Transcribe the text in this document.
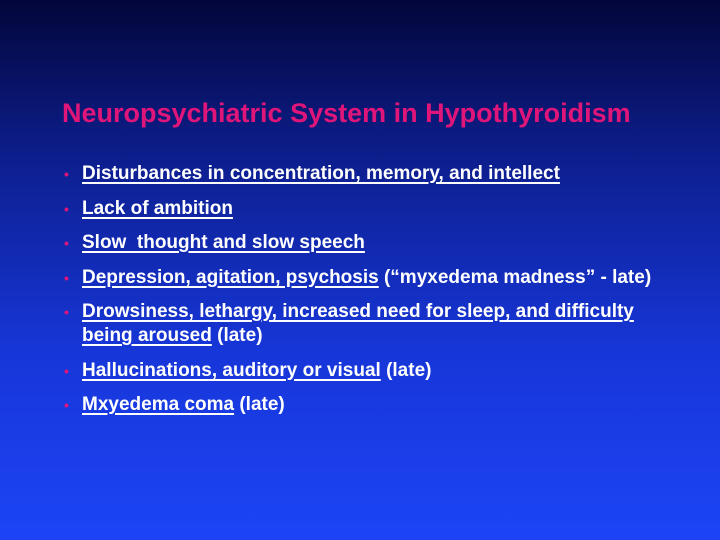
Neuropsychiatric System in Hypothyroidism
• Disturbances in concentration, memory, and intellect
• Lack of ambition
• Slow  thought and slow speech
• Depression, agitation, psychosis (“myxedema madness” - late)
• Drowsiness, lethargy, increased need for sleep, and difficulty being aroused (late)
• Hallucinations, auditory or visual (late)
• Mxyedema coma (late)
